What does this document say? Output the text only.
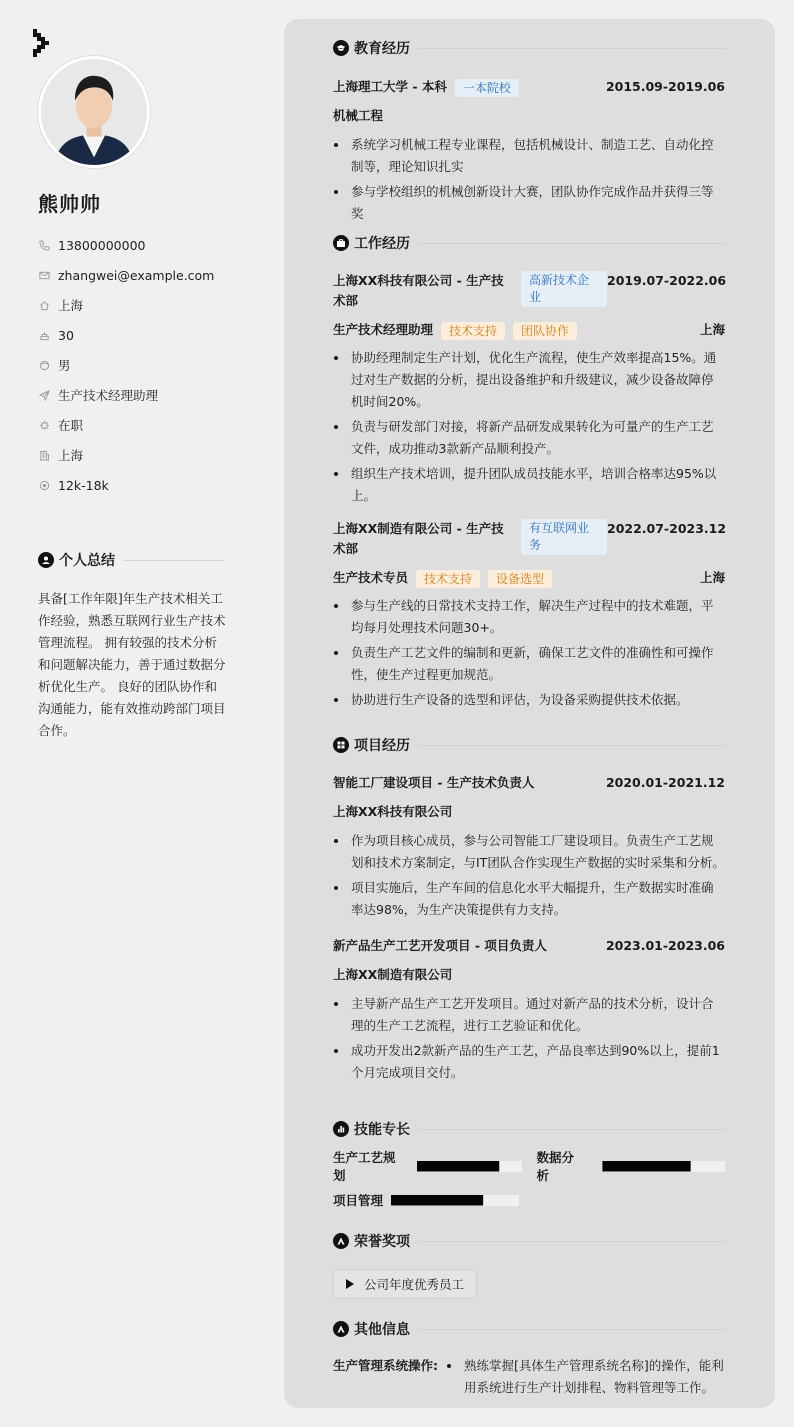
熊帅帅
13800000000
zhangwei@example.com
上海
30
男
生产技术经理助理
在职
上海
12k-18k
个人总结
具备[工作年限]年生产技术相关工作经验，熟悉互联网行业生产技术管理流程。 拥有较强的技术分析和问题解决能力，善于通过数据分析优化生产。 良好的团队协作和沟通能力，能有效推动跨部门项目合作。
教育经历
上海理工大学 - 本科 一本院校	2015.09-2019.06
机械工程
系统学习机械工程专业课程，包括机械设计、制造工艺、自动化控制等，理论知识扎实
参与学校组织的机械创新设计大赛，团队协作完成作品并获得三等奖
工作经历
上海XX科技有限公司 - 生产技术部
高新技术企业
2019.07-2022.06
生产技术经理助理 技术支持 团队协作	上海
协助经理制定生产计划，优化生产流程，使生产效率提高15%。通过对生产数据的分析，提出设备维护和升级建议，减少设备故障停机时间20%。
负责与研发部门对接，将新产品研发成果转化为可量产的生产工艺文件，成功推动3款新产品顺利投产。
组织生产技术培训，提升团队成员技能水平，培训合格率达95%以上。
上海XX制造有限公司 - 生产技术部
有互联网业务
2022.07-2023.12
生产技术专员 技术支持 设备选型	上海
参与生产线的日常技术支持工作，解决生产过程中的技术难题，平均每月处理技术问题30+。
负责生产工艺文件的编制和更新，确保工艺文件的准确性和可操作性，使生产过程更加规范。
协助进行生产设备的选型和评估，为设备采购提供技术依据。
项目经历
智能工厂建设项目 - 生产技术负责人	2020.01-2021.12
上海XX科技有限公司
作为项目核心成员，参与公司智能工厂建设项目。负责生产工艺规划和技术方案制定，与IT团队合作实现生产数据的实时采集和分析。
项目实施后，生产车间的信息化水平大幅提升，生产数据实时准确率达98%，为生产决策提供有力支持。
新产品生产工艺开发项目 - 项目负责人	2023.01-2023.06
上海XX制造有限公司
主导新产品生产工艺开发项目。通过对新产品的技术分析，设计合理的生产工艺流程，进行工艺验证和优化。
成功开发出2款新产品的生产工艺，产品良率达到90%以上，提前1个月完成项目交付。
技能专长
生产工艺规划
数据分析
项目管理
荣誉奖项
公司年度优秀员工
其他信息
生产管理系统操作:	熟练掌握[具体生产管理系统名称]的操作，能利用系统进行生产计划排程、物料管理等工作。
